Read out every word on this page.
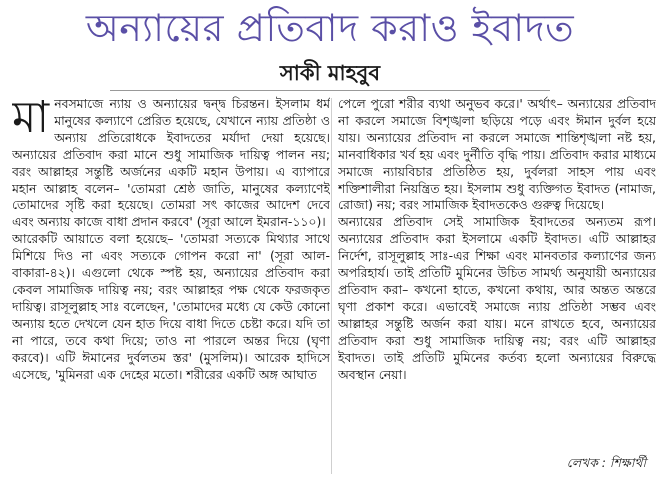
অন্যায়ের প্রতিবাদ করাও ইবাদত
সাকী মাহবুব

মানবসমাজে ন্যায় ও অন্যায়ের দ্বন্দ্ব চিরন্তন। ইসলাম ধর্ম মানুষের কল্যাণে প্রেরিত হয়েছে, যেখানে ন্যায় প্রতিষ্ঠা ও অন্যায় প্রতিরোধকে ইবাদতের মর্যাদা দেয়া হয়েছে। অন্যায়ের প্রতিবাদ করা মানে শুধু সামাজিক দায়িত্ব পালন নয়; বরং আল্লাহর সন্তুষ্টি অর্জনের একটি মহান উপায়। এ ব্যাপারে মহান আল্লাহ বলেন– 'তোমরা শ্রেষ্ঠ জাতি, মানুষের কল্যাণেই তোমাদের সৃষ্টি করা হয়েছে। তোমরা সৎ কাজের আদেশ দেবে এবং অন্যায় কাজে বাধা প্রদান করবে' (সূরা আলে ইমরান-১১০)।

আরেকটি আয়াতে বলা হয়েছে– 'তোমরা সত্যকে মিথ্যার সাথে মিশিয়ে দিও না এবং সত্যকে গোপন করো না' (সূরা আল-বাকারা-৪২)। এগুলো থেকে স্পষ্ট হয়, অন্যায়ের প্রতিবাদ করা কেবল সামাজিক দায়িত্ব নয়; বরং আল্লাহর পক্ষ থেকে ফরজকৃত দায়িত্ব। রাসূলুল্লাহ সাঃ বলেছেন, 'তোমাদের মধ্যে যে কেউ কোনো অন্যায় হতে দেখলে যেন হাত দিয়ে বাধা দিতে চেষ্টা করে। যদি তা না পারে, তবে কথা দিয়ে; তাও না পারলে অন্তর দিয়ে (ঘৃণা করবে)। এটি ঈমানের দুর্বলতম স্তর' (মুসলিম)। আরেক হাদিসে এসেছে, 'মুমিনরা এক দেহের মতো। শরীরের একটি অঙ্গ আঘাত

পেলে পুরো শরীর ব্যথা অনুভব করে।' অর্থাৎ– অন্যায়ের প্রতিবাদ না করলে সমাজে বিশৃঙ্খলা ছড়িয়ে পড়ে এবং ঈমান দুর্বল হয়ে যায়। অন্যায়ের প্রতিবাদ না করলে সমাজে শান্তিশৃঙ্খলা নষ্ট হয়, মানবাধিকার খর্ব হয় এবং দুর্নীতি বৃদ্ধি পায়। প্রতিবাদ করার মাধ্যমে সমাজে ন্যায়বিচার প্রতিষ্ঠিত হয়, দুর্বলরা সাহস পায় এবং শক্তিশালীরা নিয়ন্ত্রিত হয়। ইসলাম শুধু ব্যক্তিগত ইবাদত (নামাজ, রোজা) নয়; বরং সামাজিক ইবাদতকেও গুরুত্ব দিয়েছে।

অন্যায়ের প্রতিবাদ সেই সামাজিক ইবাদতের অন্যতম রূপ। অন্যায়ের প্রতিবাদ করা ইসলামে একটি ইবাদত। এটি আল্লাহর নির্দেশ, রাসূলুল্লাহ সাঃ-এর শিক্ষা এবং মানবতার কল্যাণের জন্য অপরিহার্য। তাই প্রতিটি মুমিনের উচিত সামর্থ্য অনুযায়ী অন্যায়ের প্রতিবাদ করা– কখনো হাতে, কখনো কথায়, আর অন্তত অন্তরে ঘৃণা প্রকাশ করে। এভাবেই সমাজে ন্যায় প্রতিষ্ঠা সম্ভব এবং আল্লাহর সন্তুষ্টি অর্জন করা যায়। মনে রাখতে হবে, অন্যায়ের প্রতিবাদ করা শুধু সামাজিক দায়িত্ব নয়; বরং এটি আল্লাহর ইবাদত। তাই প্রতিটি মুমিনের কর্তব্য হলো অন্যায়ের বিরুদ্ধে অবস্থান নেয়া।

লেখক : শিক্ষার্থী
